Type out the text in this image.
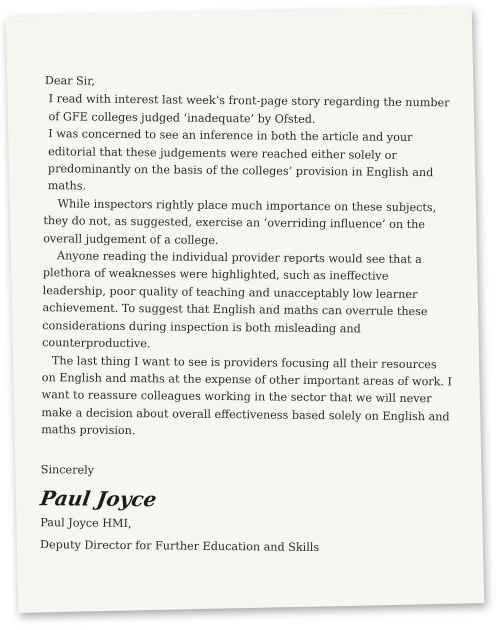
Dear Sir,

I read with interest last week’s front-page story regarding the number of GFE colleges judged ‘inadequate’ by Ofsted.

I was concerned to see an inference in both the article and your editorial that these judgements were reached either solely or predominantly on the basis of the colleges’ provision in English and maths.

While inspectors rightly place much importance on these subjects, they do not, as suggested, exercise an ‘overriding influence’ on the overall judgement of a college.

Anyone reading the individual provider reports would see that a plethora of weaknesses were highlighted, such as ineffective leadership, poor quality of teaching and unacceptably low learner achievement. To suggest that English and maths can overrule these considerations during inspection is both misleading and counterproductive.

The last thing I want to see is providers focusing all their resources on English and maths at the expense of other important areas of work. I want to reassure colleagues working in the sector that we will never make a decision about overall effectiveness based solely on English and maths provision.

Sincerely
Paul Joyce
Paul Joyce HMI,
Deputy Director for Further Education and Skills
